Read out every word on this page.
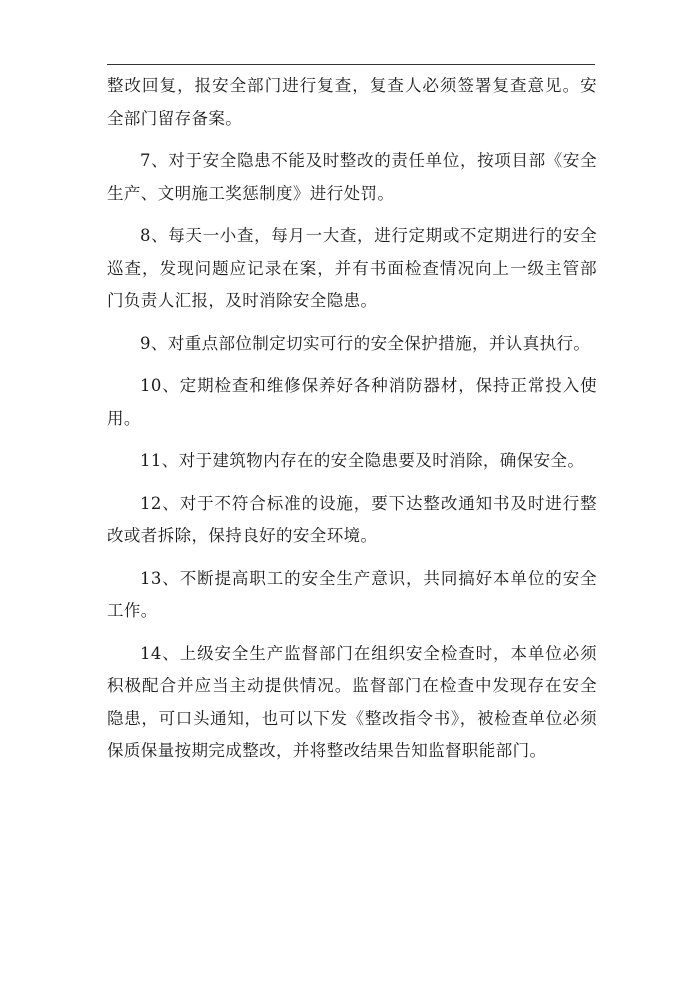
整改回复，报安全部门进行复查，复查人必须签署复查意见。安全部门留存备案。

7、对于安全隐患不能及时整改的责任单位，按项目部《安全生产、文明施工奖惩制度》进行处罚。

8、每天一小查，每月一大查，进行定期或不定期进行的安全巡查，发现问题应记录在案，并有书面检查情况向上一级主管部门负责人汇报，及时消除安全隐患。

9、对重点部位制定切实可行的安全保护措施，并认真执行。

10、定期检查和维修保养好各种消防器材，保持正常投入使用。

11、对于建筑物内存在的安全隐患要及时消除，确保安全。

12、对于不符合标准的设施，要下达整改通知书及时进行整改或者拆除，保持良好的安全环境。

13、不断提高职工的安全生产意识，共同搞好本单位的安全工作。

14、上级安全生产监督部门在组织安全检查时，本单位必须积极配合并应当主动提供情况。监督部门在检查中发现存在安全隐患，可口头通知，也可以下发《整改指令书》，被检查单位必须保质保量按期完成整改，并将整改结果告知监督职能部门。
